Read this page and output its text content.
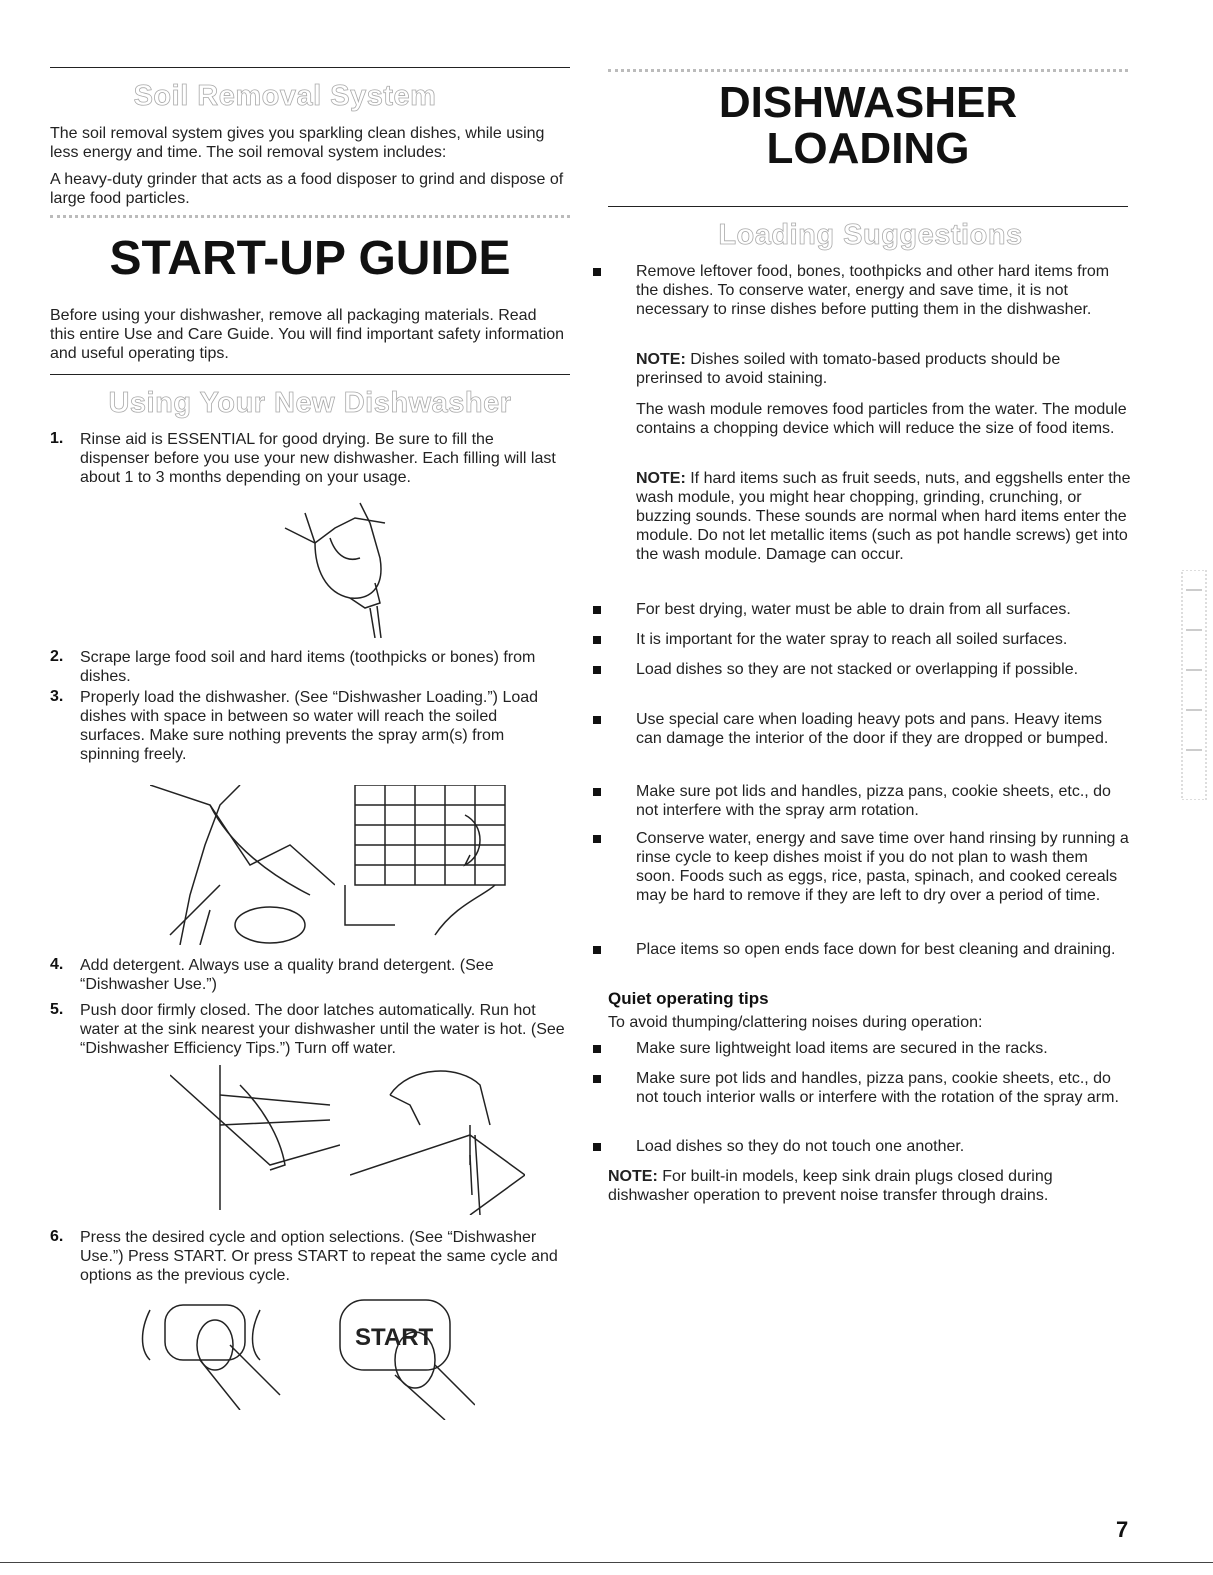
Soil Removal System

The soil removal system gives you sparkling clean dishes, while using less energy and time. The soil removal system includes:

A heavy-duty grinder that acts as a food disposer to grind and dispose of large food particles.

START-UP GUIDE

Before using your dishwasher, remove all packaging materials. Read this entire Use and Care Guide. You will find important safety information and useful operating tips.

Using Your New Dishwasher
1. Rinse aid is ESSENTIAL for good drying. Be sure to fill the dispenser before you use your new dishwasher. Each filling will last about 1 to 3 months depending on your usage.

2. Scrape large food soil and hard items (toothpicks or bones) from dishes.

3. Properly load the dishwasher. (See “Dishwasher Loading.”) Load dishes with space in between so water will reach the soiled surfaces. Make sure nothing prevents the spray arm(s) from spinning freely.

4. Add detergent. Always use a quality brand detergent. (See “Dishwasher Use.”)

5. Push door firmly closed. The door latches automatically. Run hot water at the sink nearest your dishwasher until the water is hot. (See “Dishwasher Efficiency Tips.”) Turn off water.

6. Press the desired cycle and option selections. (See “Dishwasher Use.”) Press START. Or press START to repeat the same cycle and options as the previous cycle.

START
DISHWASHER
LOADING
Loading Suggestions

Remove leftover food, bones, toothpicks and other hard items from the dishes. To conserve water, energy and save time, it is not necessary to rinse dishes before putting them in the dishwasher.

NOTE: Dishes soiled with tomato-based products should be prerinsed to avoid staining.

The wash module removes food particles from the water. The module contains a chopping device which will reduce the size of food items.

NOTE: If hard items such as fruit seeds, nuts, and eggshells enter the wash module, you might hear chopping, grinding, crunching, or buzzing sounds. These sounds are normal when hard items enter the module. Do not let metallic items (such as pot handle screws) get into the wash module. Damage can occur.

For best drying, water must be able to drain from all surfaces.

It is important for the water spray to reach all soiled surfaces.

Load dishes so they are not stacked or overlapping if possible.

Use special care when loading heavy pots and pans. Heavy items can damage the interior of the door if they are dropped or bumped.

Make sure pot lids and handles, pizza pans, cookie sheets, etc., do not interfere with the spray arm rotation.

Conserve water, energy and save time over hand rinsing by running a rinse cycle to keep dishes moist if you do not plan to wash them soon. Foods such as eggs, rice, pasta, spinach, and cooked cereals may be hard to remove if they are left to dry over a period of time.

Place items so open ends face down for best cleaning and draining.

Quiet operating tips

To avoid thumping/clattering noises during operation:

Make sure lightweight load items are secured in the racks.

Make sure pot lids and handles, pizza pans, cookie sheets, etc., do not touch interior walls or interfere with the rotation of the spray arm.

Load dishes so they do not touch one another.

NOTE: For built-in models, keep sink drain plugs closed during dishwasher operation to prevent noise transfer through drains.

7
